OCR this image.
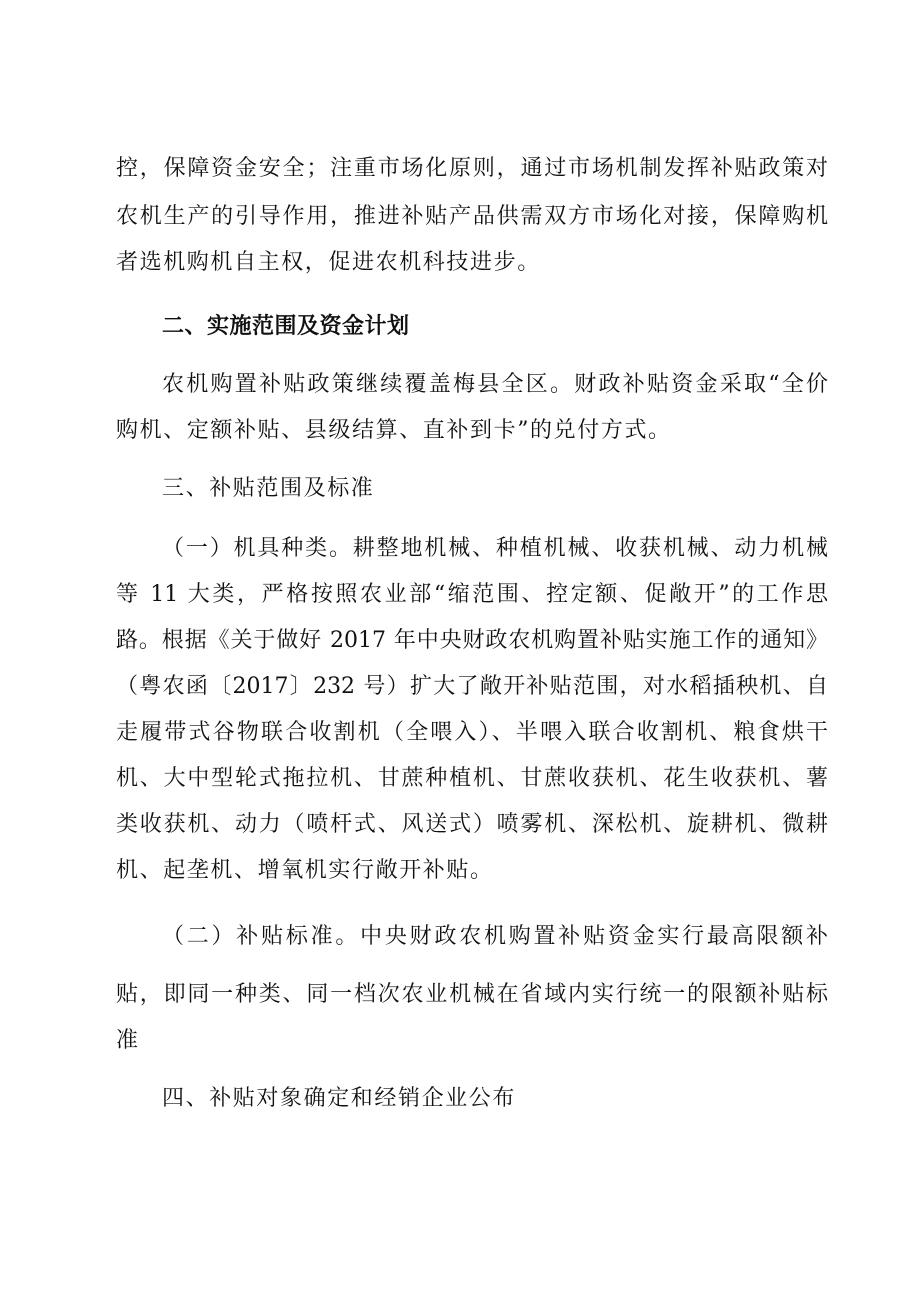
控，保障资金安全；注重市场化原则，通过市场机制发挥补贴政策对
农机生产的引导作用，推进补贴产品供需双方市场化对接，保障购机
者选机购机自主权，促进农机科技进步。
二、实施范围及资金计划
农机购置补贴政策继续覆盖梅县全区。财政补贴资金采取“全价
购机、定额补贴、县级结算、直补到卡”的兑付方式。
三、补贴范围及标准
（一）机具种类。耕整地机械、种植机械、收获机械、动力机械
等 11 大类，严格按照农业部“缩范围、控定额、促敞开”的工作思
路。根据《关于做好 2017 年中央财政农机购置补贴实施工作的通知》
（粤农函〔2017〕232 号）扩大了敞开补贴范围，对水稻插秧机、自
走履带式谷物联合收割机（全喂入）、半喂入联合收割机、粮食烘干
机、大中型轮式拖拉机、甘蔗种植机、甘蔗收获机、花生收获机、薯
类收获机、动力（喷杆式、风送式）喷雾机、深松机、旋耕机、微耕
机、起垄机、增氧机实行敞开补贴。
（二）补贴标准。中央财政农机购置补贴资金实行最高限额补
贴，即同一种类、同一档次农业机械在省域内实行统一的限额补贴标
准
四、补贴对象确定和经销企业公布
